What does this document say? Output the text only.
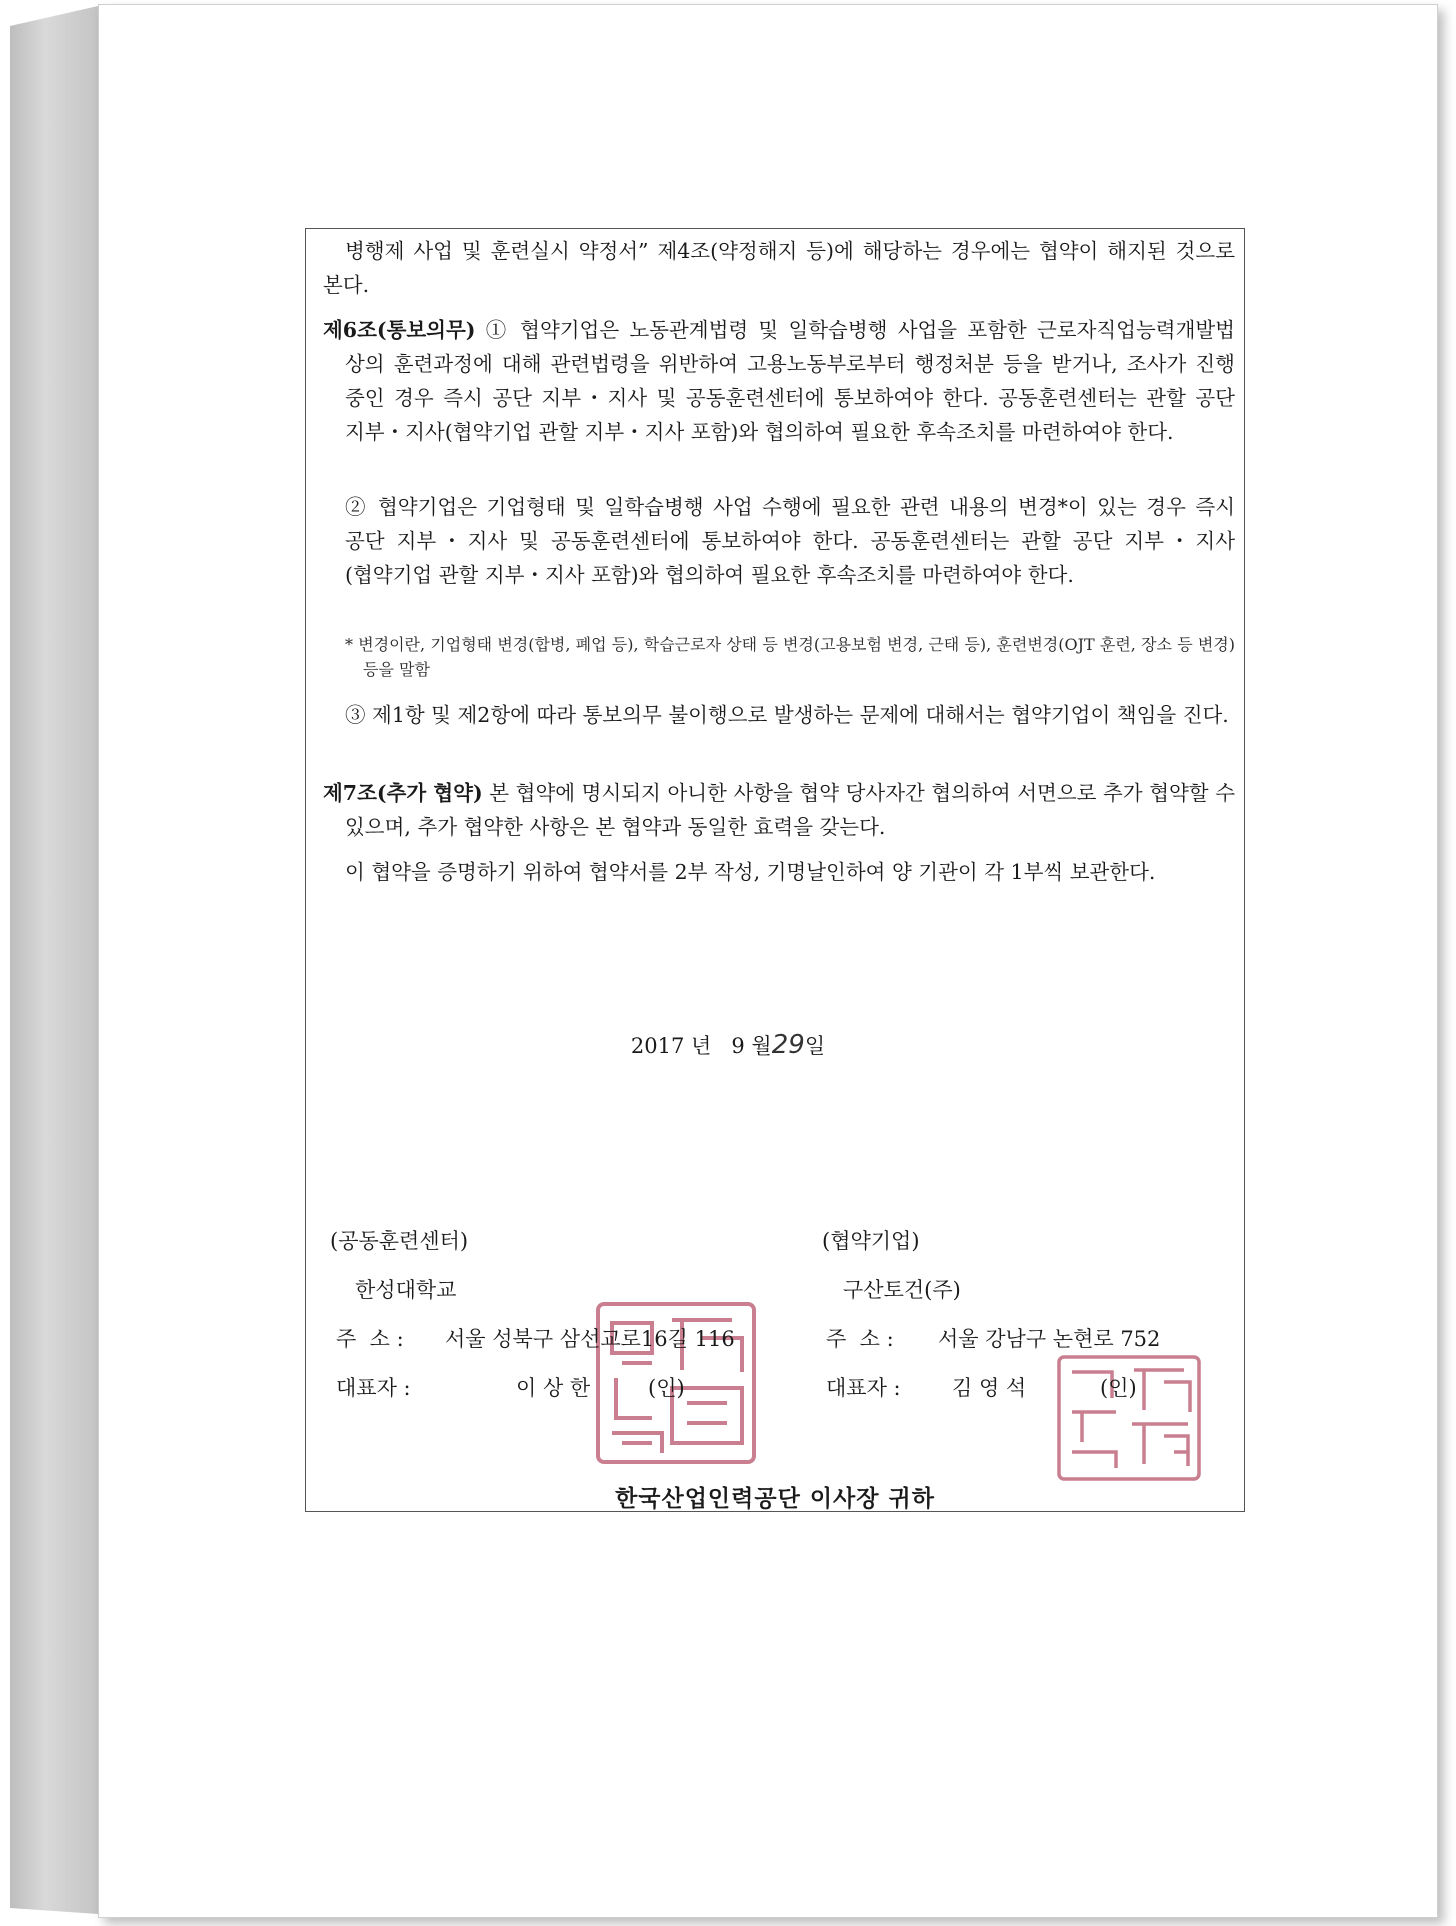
병행제 사업 및 훈련실시 약정서” 제4조(약정해지 등)에 해당하는 경우에는 협약이 해지된 것으로 본다.
제6조(통보의무) ① 협약기업은 노동관계법령 및 일학습병행 사업을 포함한 근로자직업능력개발법 상의 훈련과정에 대해 관련법령을 위반하여 고용노동부로부터 행정처분 등을 받거나, 조사가 진행 중인 경우 즉시 공단 지부・지사 및 공동훈련센터에 통보하여야 한다. 공동훈련센터는 관할 공단 지부・지사(협약기업 관할 지부・지사 포함)와 협의하여 필요한 후속조치를 마련하여야 한다.
② 협약기업은 기업형태 및 일학습병행 사업 수행에 필요한 관련 내용의 변경*이 있는 경우 즉시 공단 지부・지사 및 공동훈련센터에 통보하여야 한다. 공동훈련센터는 관할 공단 지부・지사(협약기업 관할 지부・지사 포함)와 협의하여 필요한 후속조치를 마련하여야 한다.
* 변경이란, 기업형태 변경(합병, 폐업 등), 학습근로자 상태 등 변경(고용보험 변경, 근태 등), 훈련변경(OJT 훈련, 장소 등 변경) 등을 말함
③ 제1항 및 제2항에 따라 통보의무 불이행으로 발생하는 문제에 대해서는 협약기업이 책임을 진다.
제7조(추가 협약) 본 협약에 명시되지 아니한 사항을 협약 당사자간 협의하여 서면으로 추가 협약할 수 있으며, 추가 협약한 사항은 본 협약과 동일한 효력을 갖는다.
이 협약을 증명하기 위하여 협약서를 2부 작성, 기명날인하여 양 기관이 각 1부씩 보관한다.
2017 년 9 월29일
(공동훈련센터)
한성대학교
주  소 : 서울 성북구 삼선교로16길 116
대표자 :	이 상 한	(인)
(협약기업)
구산토건(주)
주  소 : 서울 강남구 논현로 752
대표자 : 김 영 석	(인)
한국산업인력공단 이사장 귀하
